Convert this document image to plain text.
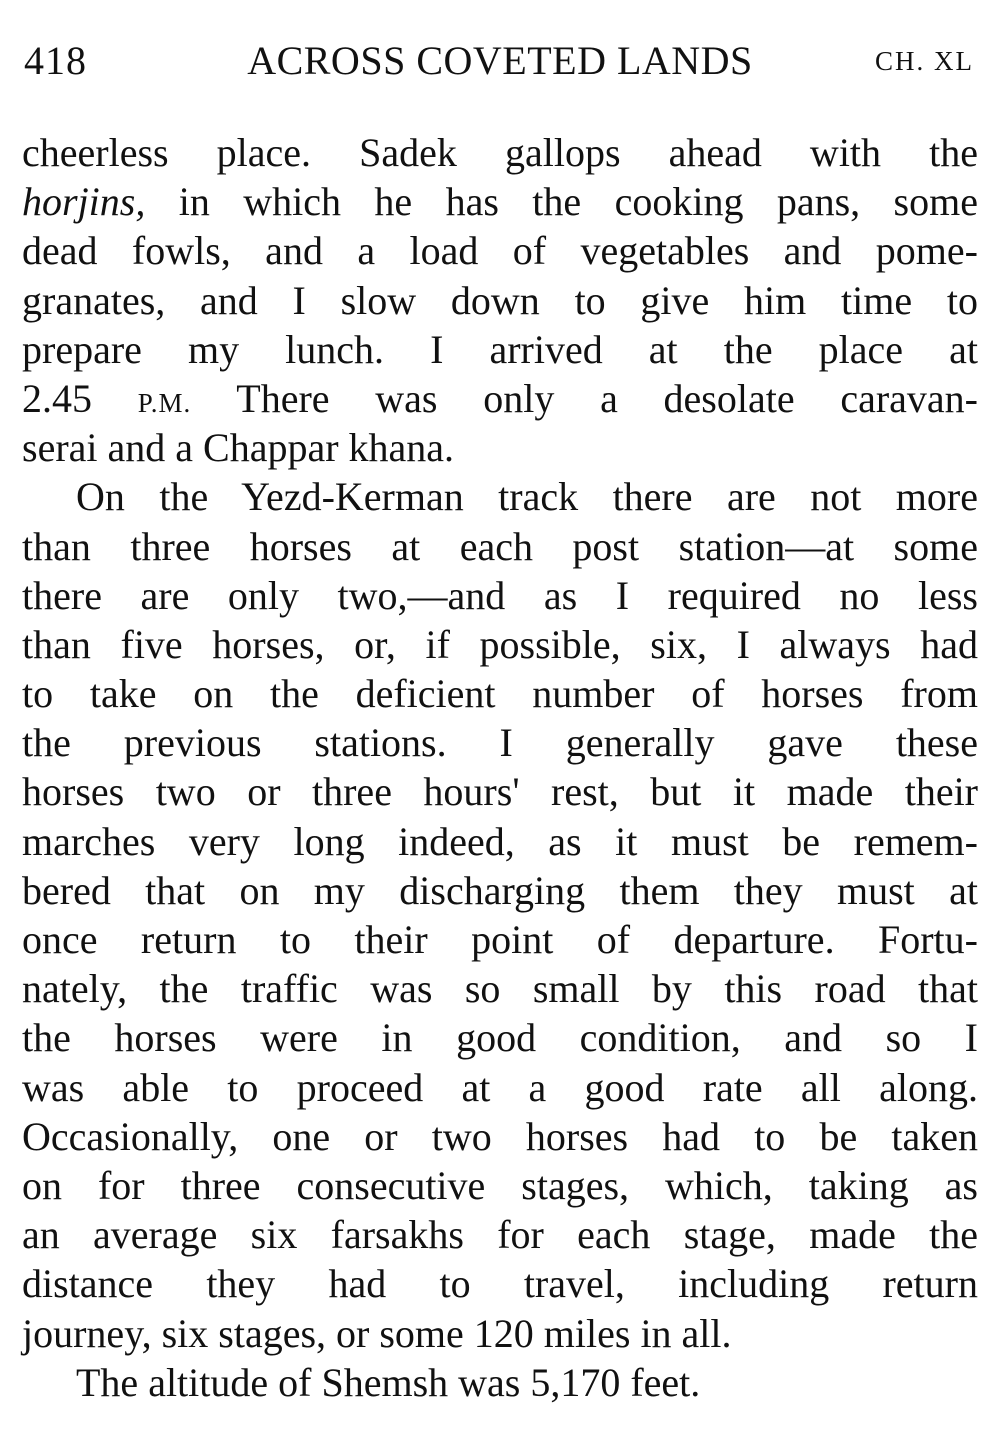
418	ACROSS COVETED LANDS	CH. XL
cheerless place. Sadek gallops ahead with the
horjins, in which he has the cooking pans, some
dead fowls, and a load of vegetables and pome-
granates, and I slow down to give him time to
prepare my lunch. I arrived at the place at
2.45 P.M. There was only a desolate caravan-
serai and a Chappar khana.
On the Yezd-Kerman track there are not more
than three horses at each post station—at some
there are only two,—and as I required no less
than five horses, or, if possible, six, I always had
to take on the deficient number of horses from
the previous stations. I generally gave these
horses two or three hours' rest, but it made their
marches very long indeed, as it must be remem-
bered that on my discharging them they must at
once return to their point of departure. Fortu-
nately, the traffic was so small by this road that
the horses were in good condition, and so I
was able to proceed at a good rate all along.
Occasionally, one or two horses had to be taken
on for three consecutive stages, which, taking as
an average six farsakhs for each stage, made the
distance they had to travel, including return
journey, six stages, or some 120 miles in all.
The altitude of Shemsh was 5,170 feet.
